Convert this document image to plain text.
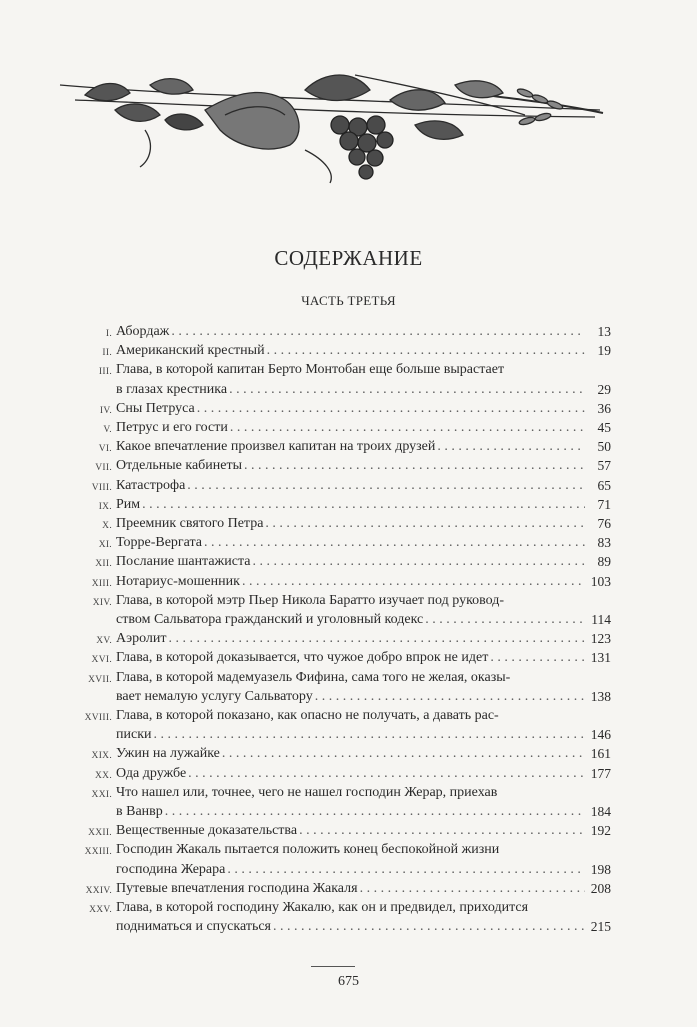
СОДЕРЖАНИЕ
ЧАСТЬ ТРЕТЬЯ
I. Абордаж . . .	13
II. Американский крестный . . .	19
III. Глава, в которой капитан Берто Монтобан еще больше вырастает
в глазах крестника . . .	29
IV. Сны Петруса . . .	36
V. Петрус и его гости . . .	45
VI. Какое впечатление произвел капитан на троих друзей . . .	50
VII. Отдельные кабинеты . . .	57
VIII. Катастрофа . . .	65
IX. Рим . . .	71
X. Преемник святого Петра . . .	76
XI. Торре-Вергата . . .	83
XII. Послание шантажиста . . .	89
XIII. Нотариус-мошенник . . .	103
XIV. Глава, в которой мэтр Пьер Никола Баратто изучает под руковод-
ством Сальватора гражданский и уголовный кодекс . . .	114
XV. Аэролит . . .	123
XVI. Глава, в которой доказывается, что чужое добро впрок не идет . . .	131
XVII. Глава, в которой мадемуазель Фифина, сама того не желая, оказы-
вает немалую услугу Сальватору . . .	138
XVIII. Глава, в которой показано, как опасно не получать, а давать рас-
писки . . .	146
XIX. Ужин на лужайке . . .	161
XX. Ода дружбе . . .	177
XXI. Что нашел или, точнее, чего не нашел господин Жерар, приехав
в Ванвр . . .	184
XXII. Вещественные доказательства . . .	192
XXIII. Господин Жакаль пытается положить конец беспокойной жизни
господина Жерара . . .	198
XXIV. Путевые впечатления господина Жакаля . . .	208
XXV. Глава, в которой господину Жакалю, как он и предвидел, приходится
подниматься и спускаться . . .	215
675
